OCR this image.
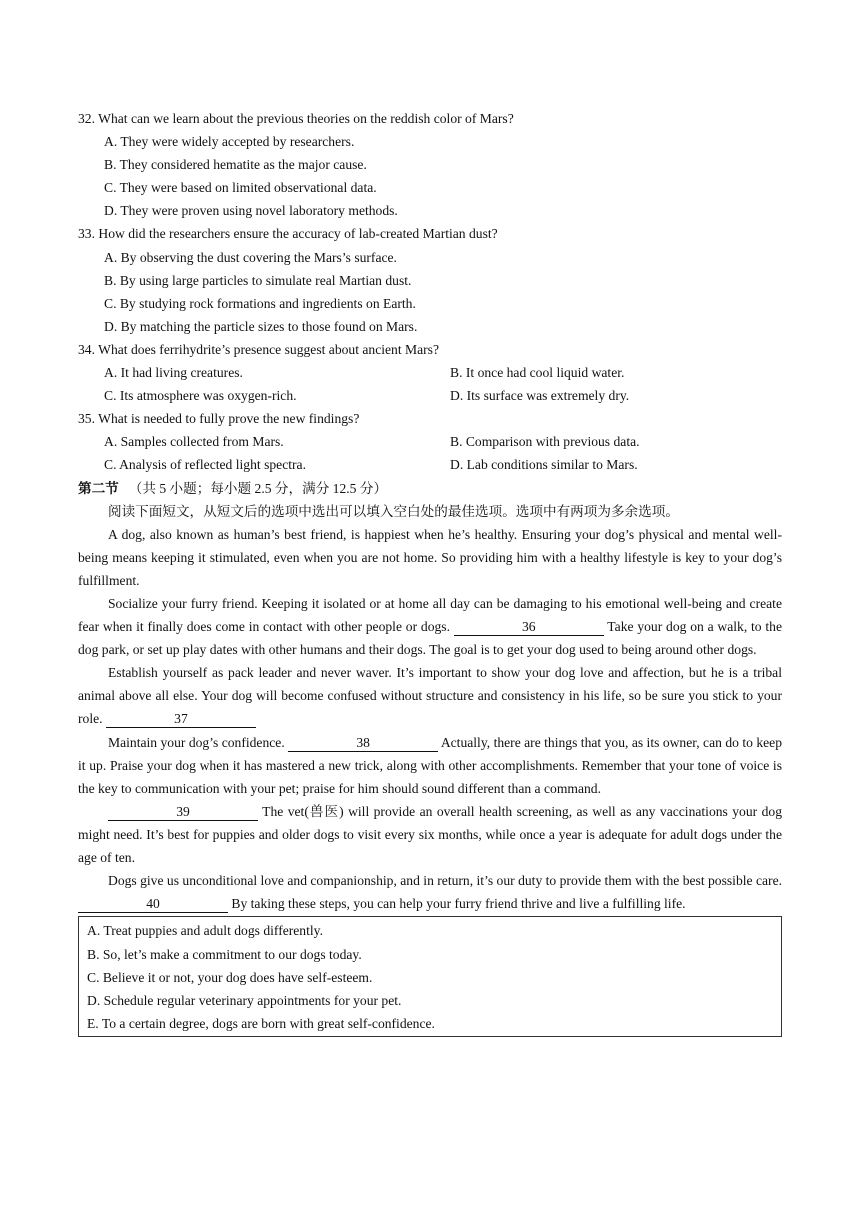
32. What can we learn about the previous theories on the reddish color of Mars?
A. They were widely accepted by researchers.
B. They considered hematite as the major cause.
C. They were based on limited observational data.
D. They were proven using novel laboratory methods.
33. How did the researchers ensure the accuracy of lab-created Martian dust?
A. By observing the dust covering the Mars’s surface.
B. By using large particles to simulate real Martian dust.
C. By studying rock formations and ingredients on Earth.
D. By matching the particle sizes to those found on Mars.
34. What does ferrihydrite’s presence suggest about ancient Mars?
A. It had living creatures.	B. It once had cool liquid water.
C. Its atmosphere was oxygen-rich.	D. Its surface was extremely dry.
35. What is needed to fully prove the new findings?
A. Samples collected from Mars.	B. Comparison with previous data.
C. Analysis of reflected light spectra.	D. Lab conditions similar to Mars.
第二节 （共 5 小题；每小题 2.5 分，满分 12.5 分）
阅读下面短文，从短文后的选项中选出可以填入空白处的最佳选项。选项中有两项为多余选项。
A dog, also known as human’s best friend, is happiest when he’s healthy. Ensuring your dog’s physical and mental well-being means keeping it stimulated, even when you are not home. So providing him with a healthy lifestyle is key to your dog’s fulfillment.
Socialize your furry friend. Keeping it isolated or at home all day can be damaging to his emotional well-being and create fear when it finally does come in contact with other people or dogs.	36	Take your dog on a walk, to the dog park, or set up play dates with other humans and their dogs. The goal is to get your dog used to being around other dogs.
Establish yourself as pack leader and never waver. It’s important to show your dog love and affection, but he is a tribal animal above all else. Your dog will become confused without structure and consistency in his life, so be sure you stick to your role.	37
Maintain your dog’s confidence.	38	Actually, there are things that you, as its owner, can do to keep it up. Praise your dog when it has mastered a new trick, along with other accomplishments. Remember that your tone of voice is the key to communication with your pet; praise for him should sound different than a command.
39	The vet(兽医) will provide an overall health screening, as well as any vaccinations your dog might need. It’s best for puppies and older dogs to visit every six months, while once a year is adequate for adult dogs under the age of ten.
Dogs give us unconditional love and companionship, and in return, it’s our duty to provide them with the best possible care. 40	By taking these steps, you can help your furry friend thrive and live a fulfilling life.
A. Treat puppies and adult dogs differently.
B. So, let’s make a commitment to our dogs today.
C. Believe it or not, your dog does have self-esteem.
D. Schedule regular veterinary appointments for your pet.
E. To a certain degree, dogs are born with great self-confidence.
